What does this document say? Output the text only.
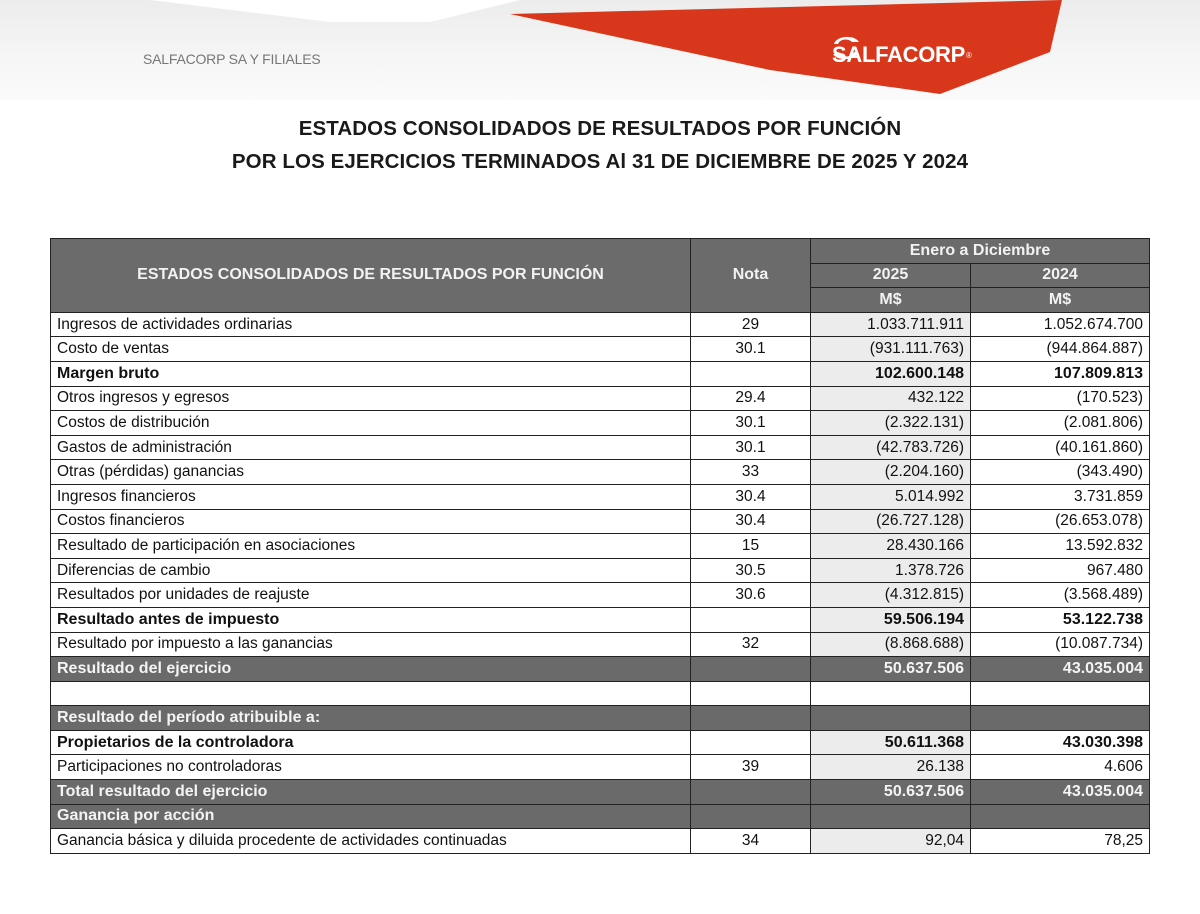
SALFACORP SA Y FILIALES	SALFACORP ®
ESTADOS CONSOLIDADOS DE RESULTADOS POR FUNCIÓN
POR LOS EJERCICIOS TERMINADOS Al 31 DE DICIEMBRE DE 2025 Y 2024
ESTADOS CONSOLIDADOS DE RESULTADOS POR FUNCIÓN	Nota	Enero a Diciembre	
		2025	2024
		M$	M$
Ingresos de actividades ordinarias	29	1.033.711.911	1.052.674.700
Costo de ventas	30.1	(931.111.763)	(944.864.887)
Margen bruto		102.600.148	107.809.813
Otros ingresos y egresos	29.4	432.122	(170.523)
Costos de distribución	30.1	(2.322.131)	(2.081.806)
Gastos de administración	30.1	(42.783.726)	(40.161.860)
Otras (pérdidas) ganancias	33	(2.204.160)	(343.490)
Ingresos financieros	30.4	5.014.992	3.731.859
Costos financieros	30.4	(26.727.128)	(26.653.078)
Resultado de participación en asociaciones	15	28.430.166	13.592.832
Diferencias de cambio	30.5	1.378.726	967.480
Resultados por unidades de reajuste	30.6	(4.312.815)	(3.568.489)
Resultado antes de impuesto		59.506.194	53.122.738
Resultado por impuesto a las ganancias	32	(8.868.688)	(10.087.734)
Resultado del ejercicio		50.637.506	43.035.004

Resultado del período atribuible a:			
Propietarios de la controladora		50.611.368	43.030.398
Participaciones no controladoras	39	26.138	4.606
Total resultado del ejercicio		50.637.506	43.035.004
Ganancia por acción			
Ganancia básica y diluida procedente de actividades continuadas	34	92,04	78,25
